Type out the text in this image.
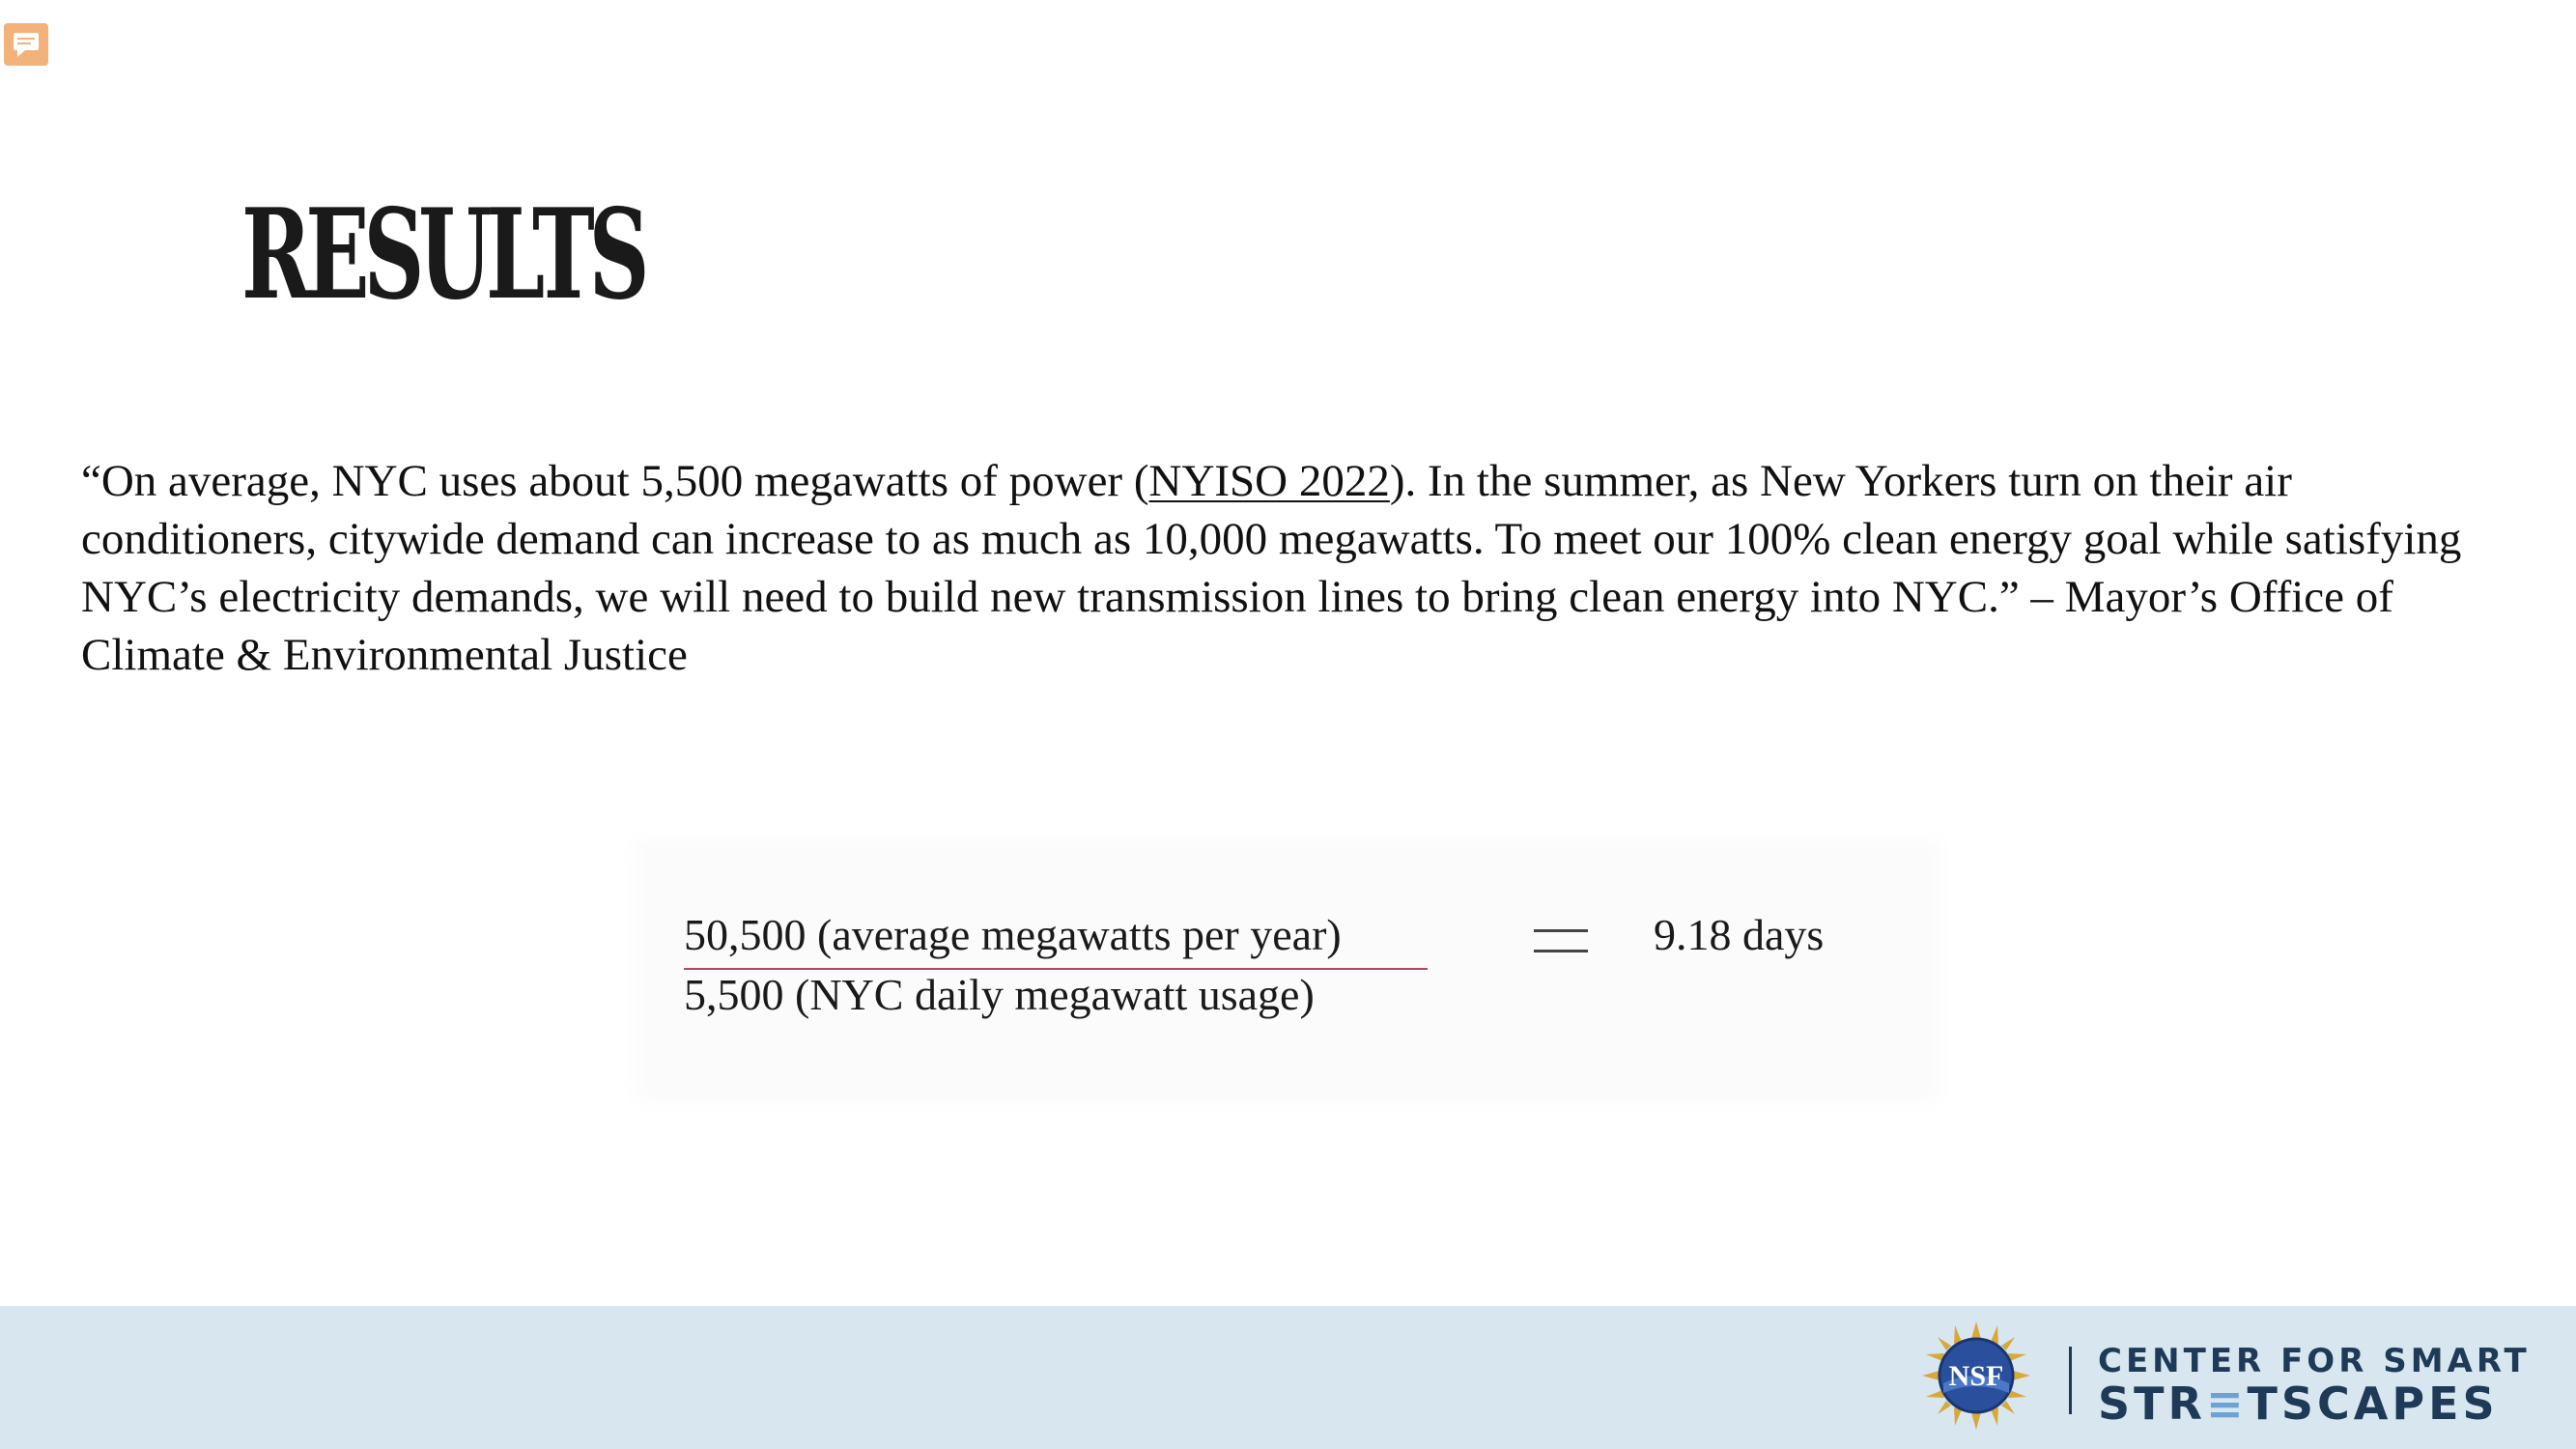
RESULTS
“On average, NYC uses about 5,500 megawatts of power (NYISO 2022). In the summer, as New Yorkers turn on their air conditioners, citywide demand can increase to as much as 10,000 megawatts. To meet our 100% clean energy goal while satisfying NYC’s electricity demands, we will need to build new transmission lines to bring clean energy into NYC.” – Mayor’s Office of Climate & Environmental Justice
50,500 (average megawatts per year)
5,500 (NYC daily megawatt usage)
9.18 days
NSF	CENTER FOR SMART
STR≡TSCAPES
